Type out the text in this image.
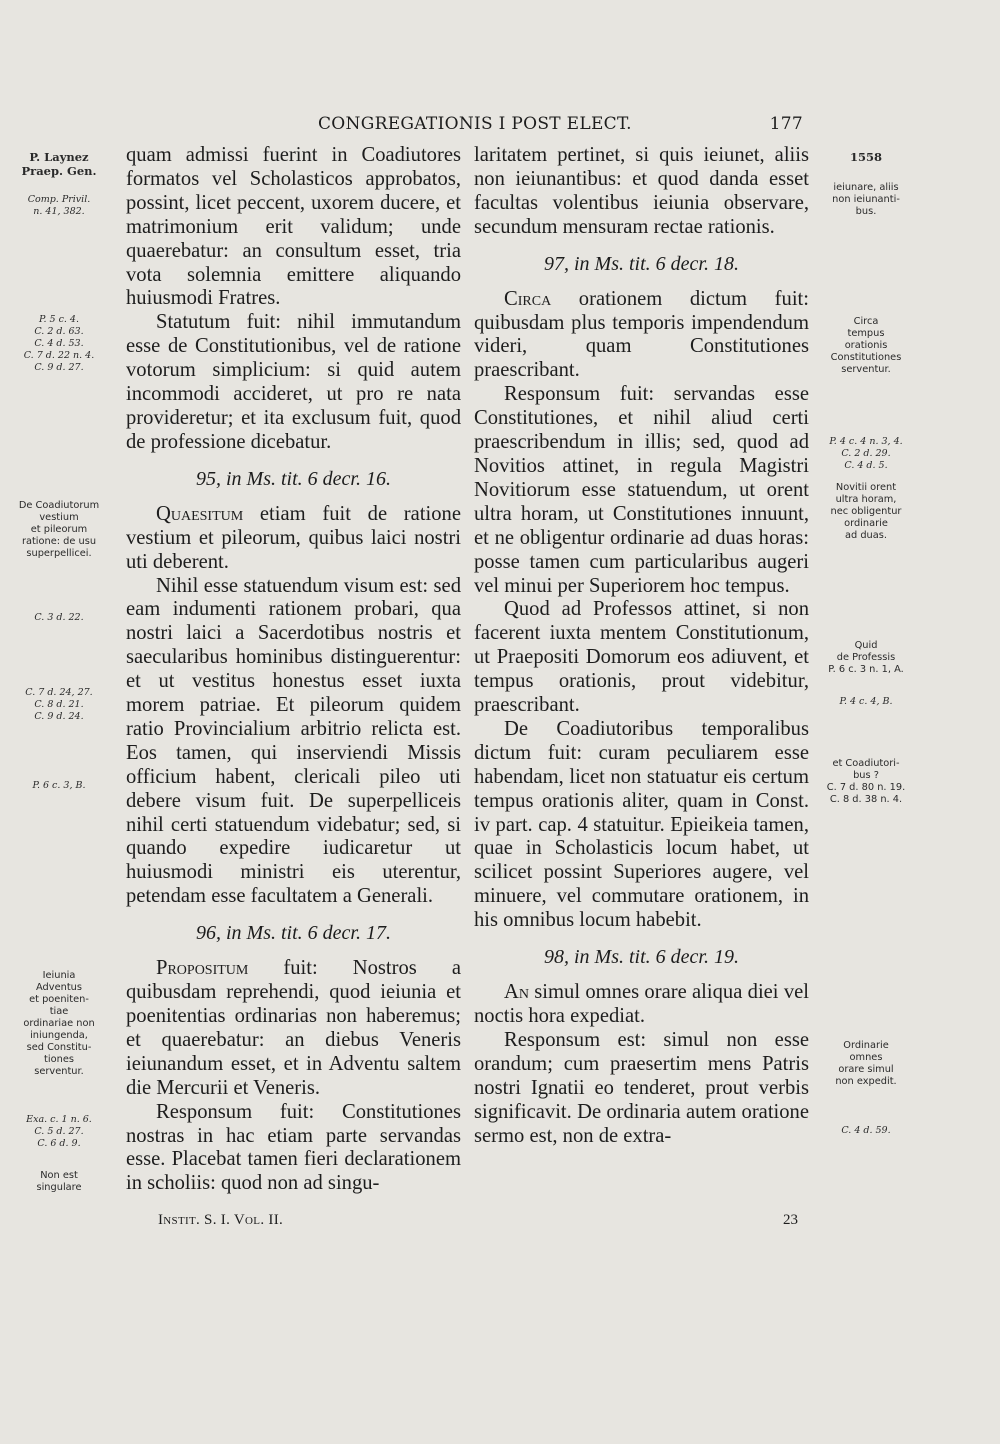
CONGREGATIONIS I POST ELECT.	177
P. Laynez
Praep. Gen.
Comp. Privil.
n. 41, 382.
P. 5 c. 4.
C. 2 d. 63.
C. 4 d. 53.
C. 7 d. 22 n. 4.
C. 9 d. 27.
De Coadiutorum
vestium
et pileorum
ratione: de usu
superpellicei.
C. 3 d. 22.
C. 7 d. 24, 27.
C. 8 d. 21.
C. 9 d. 24.
P. 6 c. 3, B.
Ieiunia
Adventus
et poeniten-
tiae
ordinariae non
iniungenda,
sed Constitu-
tiones
serventur.
Exa. c. 1 n. 6.
C. 5 d. 27.
C. 6 d. 9.
Non est
singulare

quam admissi fuerint in Coadiutores formatos vel Scholasticos approbatos, possint, licet peccent, uxorem ducere, et matrimonium erit validum; unde quaerebatur: an consultum esset, tria vota solemnia emittere aliquando huiusmodi Fratres.

Statutum fuit: nihil immutandum esse de Constitutionibus, vel de ratione votorum simplicium: si quid autem incommodi accideret, ut pro re nata provideretur; et ita exclusum fuit, quod de professione dicebatur.

95, in Ms. tit. 6 decr. 16.

Quaesitum etiam fuit de ratione vestium et pileorum, quibus laici nostri uti deberent.

Nihil esse statuendum visum est: sed eam indumenti rationem probari, qua nostri laici a Sacerdotibus nostris et saecularibus hominibus distinguerentur: et ut vestitus honestus esset iuxta morem patriae. Et pileorum quidem ratio Provincialium arbitrio relicta est. Eos tamen, qui inserviendi Missis officium habent, clericali pileo uti debere visum fuit. De superpelliceis nihil certi statuendum videbatur; sed, si quando expedire iudicaretur ut huiusmodi ministri eis uterentur, petendam esse facultatem a Generali.

96, in Ms. tit. 6 decr. 17.

Propositum fuit: Nostros a quibusdam reprehendi, quod ieiunia et poenitentias ordinarias non haberemus; et quaerebatur: an diebus Veneris ieiunandum esset, et in Adventu saltem die Mercurii et Veneris.

Responsum fuit: Constitutiones nostras in hac etiam parte servandas esse. Placebat tamen fieri declarationem in scholiis: quod non ad singu-

laritatem pertinet, si quis ieiunet, aliis non ieiunantibus: et quod danda esset facultas volentibus ieiunia observare, secundum mensuram rectae rationis.

97, in Ms. tit. 6 decr. 18.

Circa orationem dictum fuit: quibusdam plus temporis impendendum videri, quam Constitutiones praescribant.

Responsum fuit: servandas esse Constitutiones, et nihil aliud certi praescribendum in illis; sed, quod ad Novitios attinet, in regula Magistri Novitiorum esse statuendum, ut orent ultra horam, ut Constitutiones innuunt, et ne obligentur ordinarie ad duas horas: posse tamen cum particularibus augeri vel minui per Superiorem hoc tempus.

Quod ad Professos attinet, si non facerent iuxta mentem Constitutionum, ut Praepositi Domorum eos adiuvent, et tempus orationis, prout videbitur, praescribant.

De Coadiutoribus temporalibus dictum fuit: curam peculiarem esse habendam, licet non statuatur eis certum tempus orationis aliter, quam in Const. iv part. cap. 4 statuitur. Epieikeia tamen, quae in Scholasticis locum habet, ut scilicet possint Superiores augere, vel minuere, vel commutare orationem, in his omnibus locum habebit.

98, in Ms. tit. 6 decr. 19.

An simul omnes orare aliqua diei vel noctis hora expediat.

Responsum est: simul non esse orandum; cum praesertim mens Patris nostri Ignatii eo tenderet, prout verbis significavit. De ordinaria autem oratione sermo est, non de extra-

1558
ieiunare, aliis
non ieiunanti-
bus.
Circa
tempus
orationis
Constitutiones
serventur.
P. 4 c. 4 n. 3, 4.
C. 2 d. 29.
C. 4 d. 5.
Novitii orent
ultra horam,
nec obligentur
ordinarie
ad duas.
Quid
de Professis
P. 6 c. 3 n. 1, A.
P. 4 c. 4, B.
et Coadiutori-
bus ?
C. 7 d. 80 n. 19.
C. 8 d. 38 n. 4.
Ordinarie
omnes
orare simul
non expedit.
C. 4 d. 59.
Instit. S. I. Vol. II.	23
